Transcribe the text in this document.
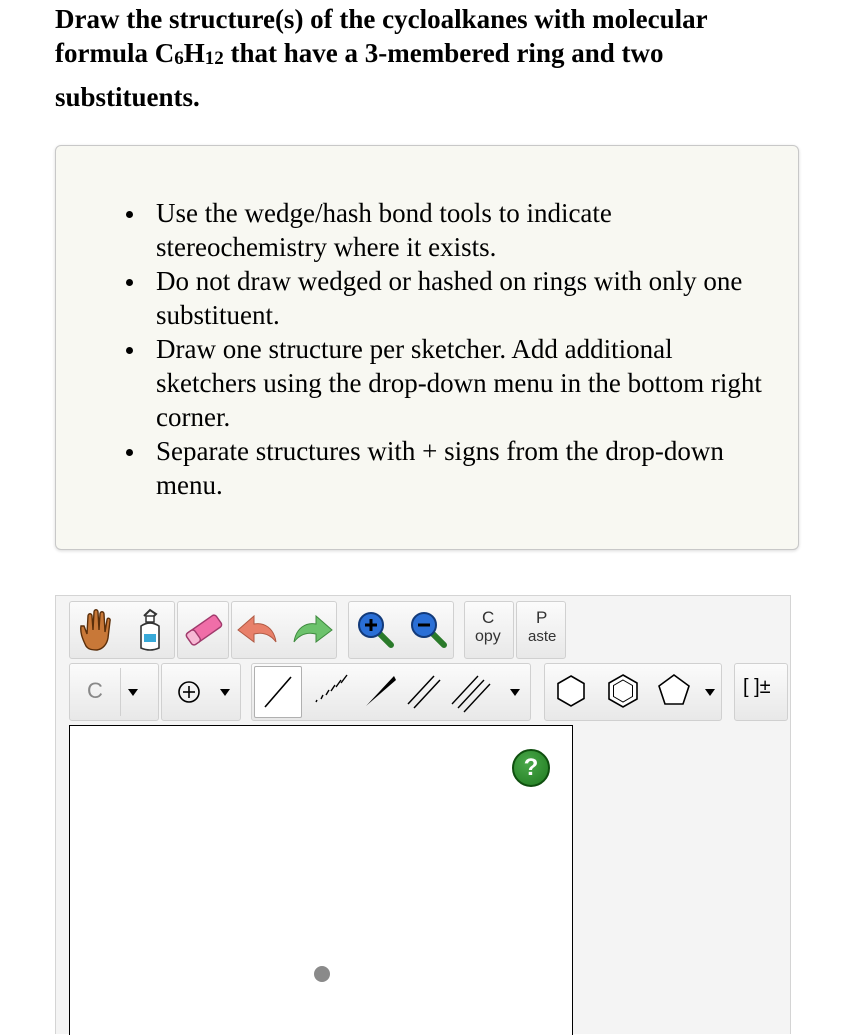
Draw the structure(s) of the cycloalkanes with molecular
formula $C_6H_{12}$ that have a 3-membered ring and two
substituents.
Use the wedge/hash bond tools to indicate stereochemistry where it exists.
Do not draw wedged or hashed on rings with only one substituent.
Draw one structure per sketcher. Add additional sketchers using the drop-down menu in the bottom right corner.
Separate structures with + signs from the drop-down menu.
C
opy
P
aste
C	[ ]±
?
